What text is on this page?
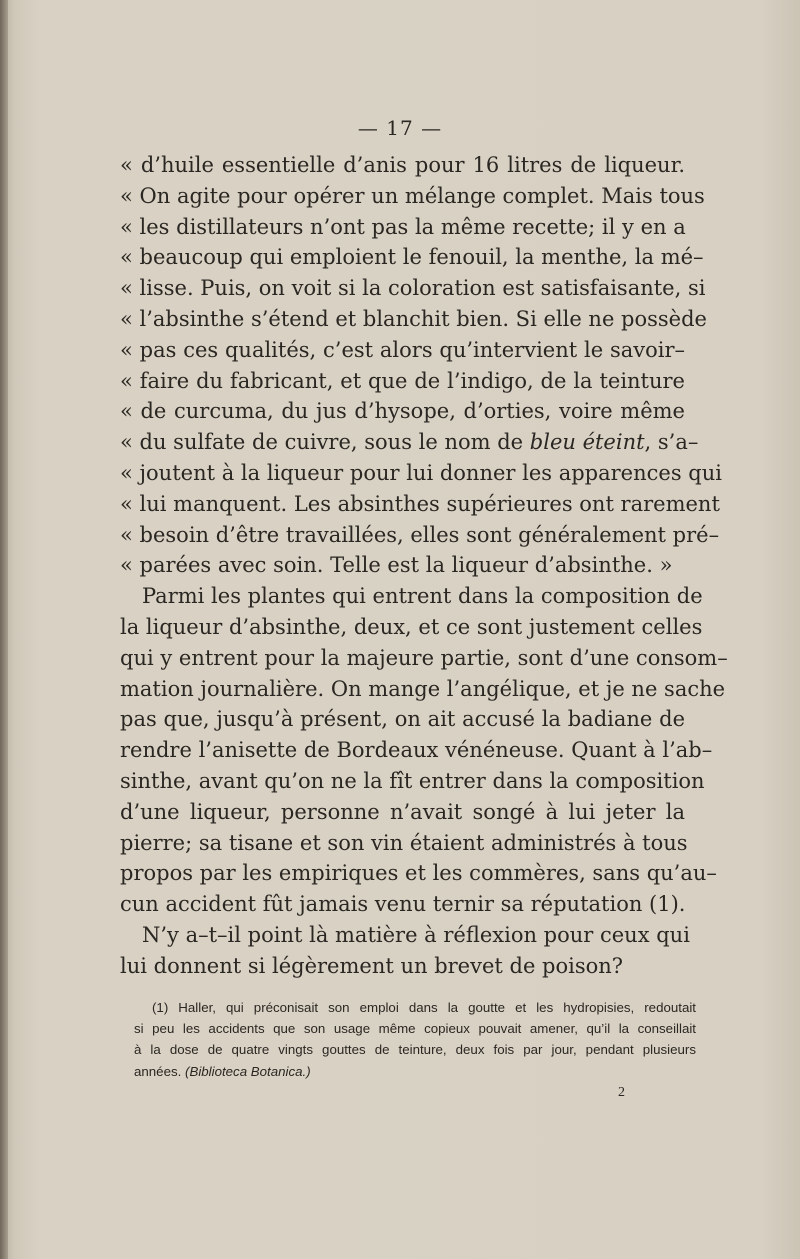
— 17 —
« d’huile essentielle d’anis pour 16 litres de liqueur.
« On agite pour opérer un mélange complet. Mais tous
« les distillateurs n’ont pas la même recette; il y en a
« beaucoup qui emploient le fenouil, la menthe, la mé–
« lisse. Puis, on voit si la coloration est satisfaisante, si
« l’absinthe s’étend et blanchit bien. Si elle ne possède
« pas ces qualités, c’est alors qu’intervient le savoir–
« faire du fabricant, et que de l’indigo, de la teinture
« de curcuma, du jus d’hysope, d’orties, voire même
« du sulfate de cuivre, sous le nom de bleu éteint, s’a–
« joutent à la liqueur pour lui donner les apparences qui
« lui manquent. Les absinthes supérieures ont rarement
« besoin d’être travaillées, elles sont généralement pré–
« parées avec soin. Telle est la liqueur d’absinthe. »
Parmi les plantes qui entrent dans la composition de
la liqueur d’absinthe, deux, et ce sont justement celles
qui y entrent pour la majeure partie, sont d’une consom–
mation journalière. On mange l’angélique, et je ne sache
pas que, jusqu’à présent, on ait accusé la badiane de
rendre l’anisette de Bordeaux vénéneuse. Quant à l’ab–
sinthe, avant qu’on ne la fît entrer dans la composition
d’une liqueur, personne n’avait songé à lui jeter la
pierre; sa tisane et son vin étaient administrés à tous
propos par les empiriques et les commères, sans qu’au–
cun accident fût jamais venu ternir sa réputation (1).
N’y a–t–il point là matière à réflexion pour ceux qui
lui donnent si légèrement un brevet de poison?
(1) Haller, qui préconisait son emploi dans la goutte et les hydropisies, redoutait
si peu les accidents que son usage même copieux pouvait amener, qu’il la conseillait
à la dose de quatre vingts gouttes de teinture, deux fois par jour, pendant plusieurs
années. (Biblioteca Botanica.)
2
